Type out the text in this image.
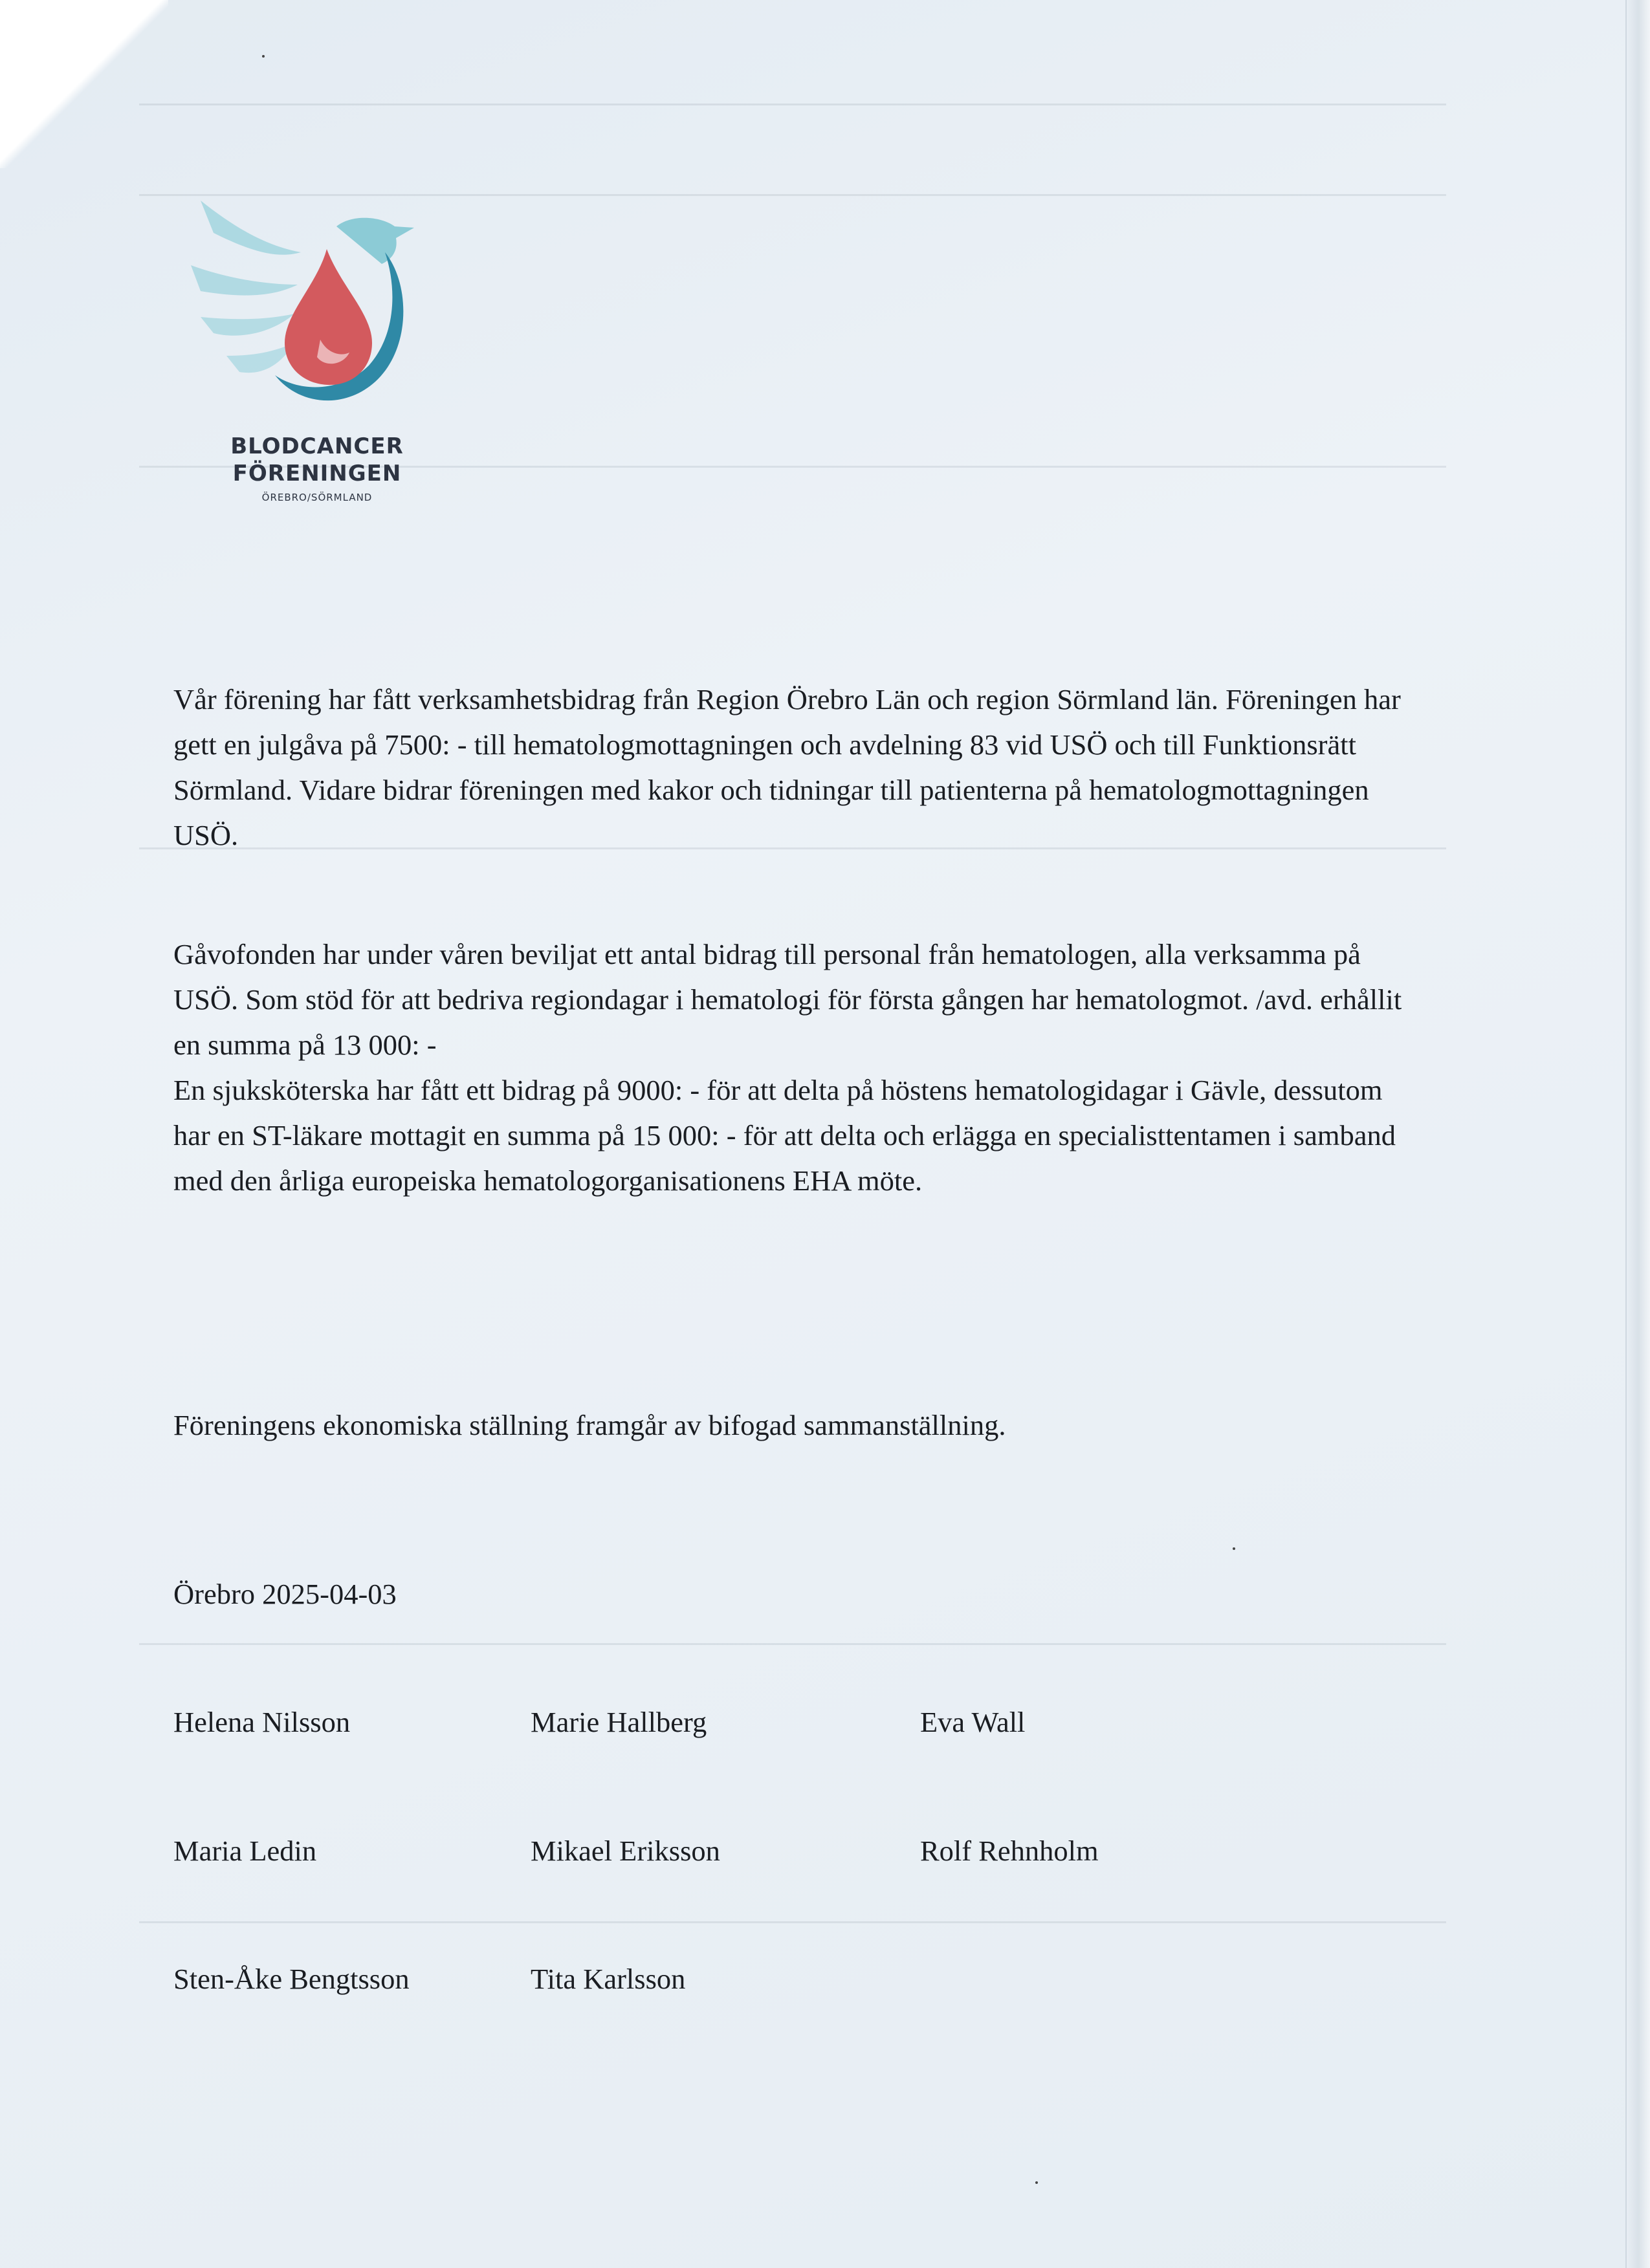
BLODCANCER
FÖRENINGEN
ÖREBRO/SÖRMLAND

Vår förening har fått verksamhetsbidrag från Region Örebro Län och region Sörmland län. Föreningen har gett en julgåva på 7500: - till hematologmottagningen och avdelning 83 vid USÖ och till Funktionsrätt Sörmland. Vidare bidrar föreningen med kakor och tidningar till patienterna på hematologmottagningen USÖ.

Gåvofonden har under våren beviljat ett antal bidrag till personal från hematologen, alla verksamma på USÖ. Som stöd för att bedriva regiondagar i hematologi för första gången har hematologmot. /avd. erhållit en summa på 13 000: -

En sjuksköterska har fått ett bidrag på 9000: - för att delta på höstens hematologidagar i Gävle, dessutom har en ST-läkare mottagit en summa på 15 000: - för att delta och erlägga en specialisttentamen i samband med den årliga europeiska hematologorganisationens EHA möte.

Föreningens ekonomiska ställning framgår av bifogad sammanställning.

Örebro 2025-04-03
Helena Nilsson	Marie Hallberg	Eva Wall
Maria Ledin	Mikael Eriksson	Rolf Rehnholm
Sten-Åke Bengtsson	Tita Karlsson
